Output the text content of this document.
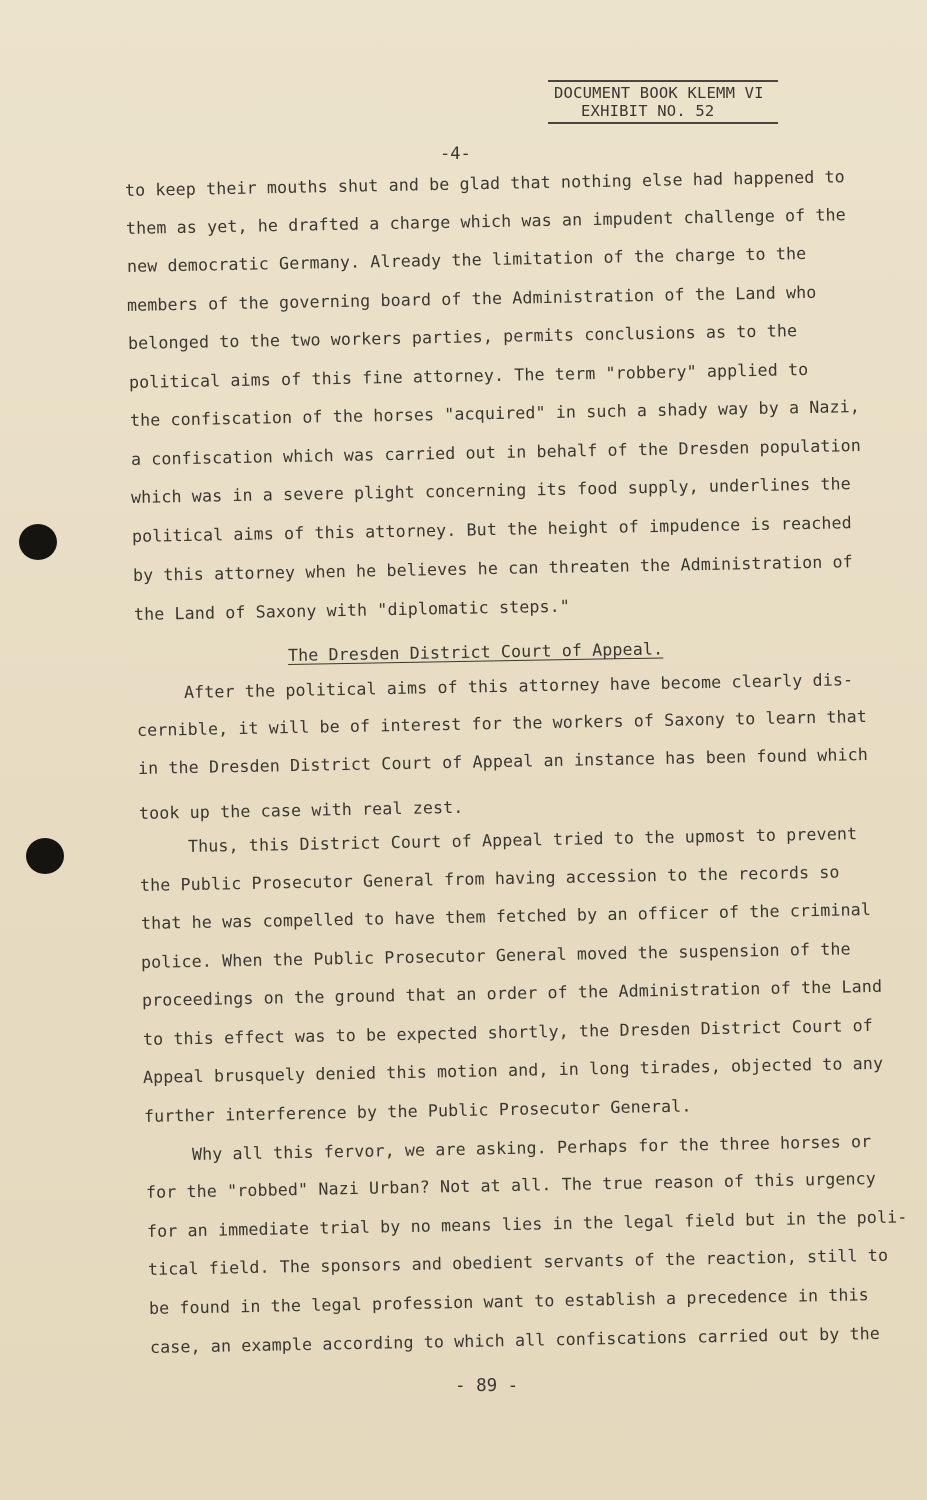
DOCUMENT BOOK KLEMM VI
EXHIBIT NO. 52
-4-
to keep their mouths shut and be glad that nothing else had happened to
them as yet, he drafted a charge which was an impudent challenge of the
new democratic Germany. Already the limitation of the charge to the
members of the governing board of the Administration of the Land who
belonged to the two workers parties, permits conclusions as to the
political aims of this fine attorney. The term "robbery" applied to
the confiscation of the horses "acquired" in such a shady way by a Nazi,
a confiscation which was carried out in behalf of the Dresden population
which was in a severe plight concerning its food supply, underlines the
political aims of this attorney. But the height of impudence is reached
by this attorney when he believes he can threaten the Administration of
the Land of Saxony with "diplomatic steps."
The Dresden District Court of Appeal.
After the political aims of this attorney have become clearly dis-
cernible, it will be of interest for the workers of Saxony to learn that
in the Dresden District Court of Appeal an instance has been found which
took up the case with real zest.
Thus, this District Court of Appeal tried to the upmost to prevent
the Public Prosecutor General from having accession to the records so
that he was compelled to have them fetched by an officer of the criminal
police. When the Public Prosecutor General moved the suspension of the
proceedings on the ground that an order of the Administration of the Land
to this effect was to be expected shortly, the Dresden District Court of
Appeal brusquely denied this motion and, in long tirades, objected to any
further interference by the Public Prosecutor General.
Why all this fervor, we are asking. Perhaps for the three horses or
for the "robbed" Nazi Urban? Not at all. The true reason of this urgency
for an immediate trial by no means lies in the legal field but in the poli-
tical field. The sponsors and obedient servants of the reaction, still to
be found in the legal profession want to establish a precedence in this
case, an example according to which all confiscations carried out by the
- 89 -
